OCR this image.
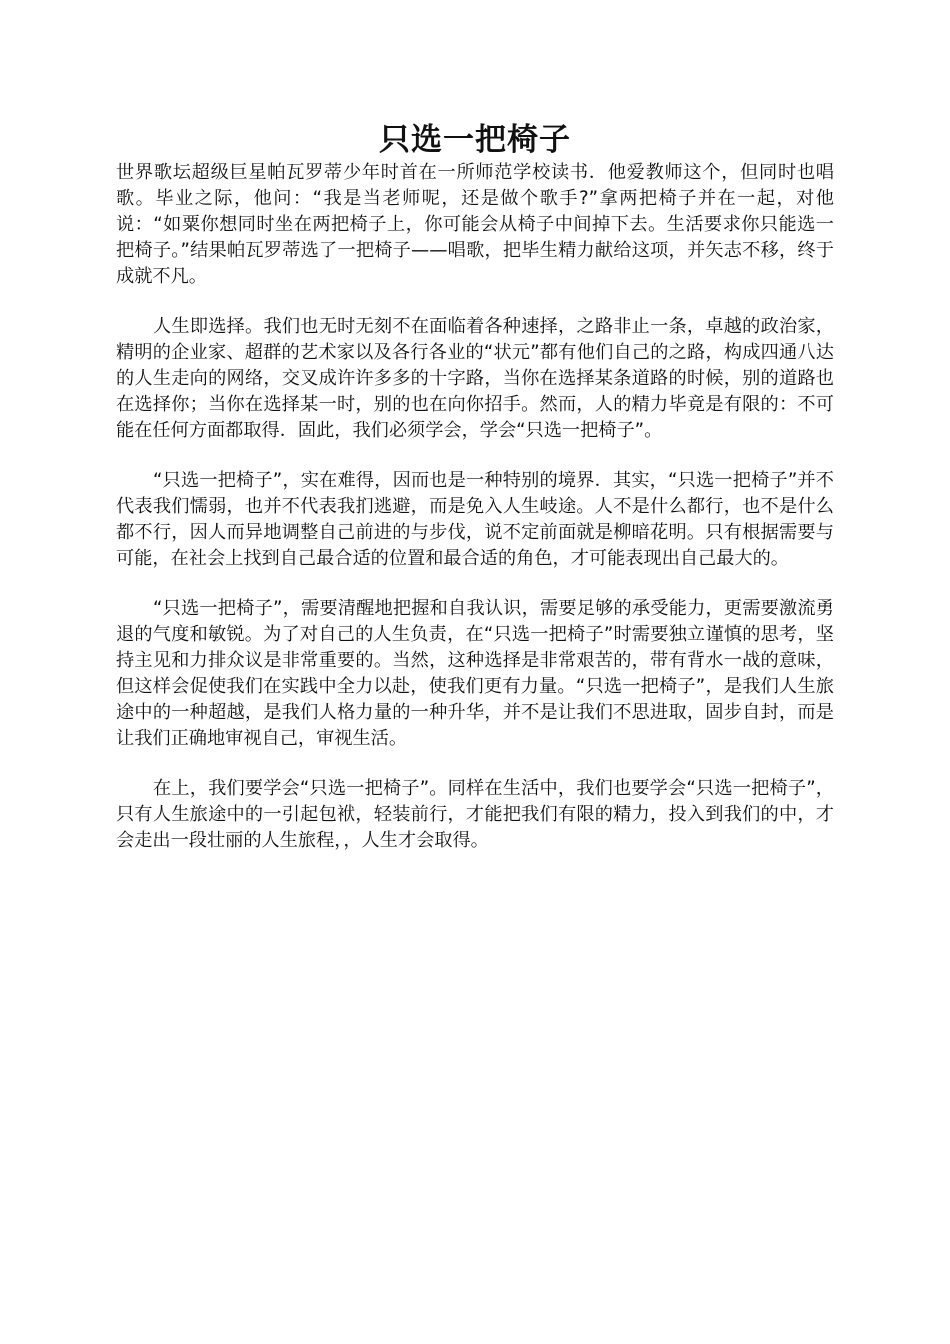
只选一把椅子

世界歌坛超级巨星帕瓦罗蒂少年时首在一所师范学校读书．他爱教师这个，但同时也唱歌。毕业之际，他问：“我是当老师呢，还是做个歌手?”拿两把椅子并在一起，对他说：“如粟你想同时坐在两把椅子上，你可能会从椅子中间掉下去。生活要求你只能选一把椅子。”结果帕瓦罗蒂选了一把椅子——唱歌，把毕生精力献给这项，并矢志不移，终于成就不凡。

人生即选择。我们也无时无刻不在面临着各种速择，之路非止一条，卓越的政治家，精明的企业家、超群的艺术家以及各行各业的“状元”都有他们自己的之路，构成四通八达的人生走向的网络，交叉成许许多多的十字路，当你在选择某条道路的时候，别的道路也在选择你；当你在选择某一时，别的也在向你招手。然而，人的精力毕竟是有限的：不可能在任何方面都取得．固此，我们必须学会，学会“只选一把椅子”。

“只选一把椅子”，实在难得，因而也是一种特别的境界．其实，“只选一把椅子”并不代表我们懦弱，也并不代表我扪逃避，而是免入人生岐途。人不是什么都行，也不是什么都不行，因人而异地调整自己前进的与步伐，说不定前面就是柳暗花明。只有根据需要与可能，在社会上找到自己最合适的位置和最合适的角色，才可能表现出自己最大的。

“只选一把椅子”，需要清醒地把握和自我认识，需要足够的承受能力，更需要激流勇退的气度和敏锐。为了对自己的人生负责，在“只选一把椅子”时需要独立谨慎的思考，坚持主见和力排众议是非常重要的。当然，这种选择是非常艰苦的，带有背水一战的意味，但这样会促使我们在实践中全力以赴，使我们更有力量。“只选一把椅子”，是我们人生旅途中的一种超越，是我们人格力量的一种升华，并不是让我们不思进取，固步自封，而是让我们正确地审视自己，审视生活。

在上，我们要学会“只选一把椅子”。同样在生活中，我们也要学会“只选一把椅子”，只有人生旅途中的一引起包袱，轻装前行，才能把我们有限的精力，投入到我们的中，才会走出一段壮丽的人生旅程，，人生才会取得。
